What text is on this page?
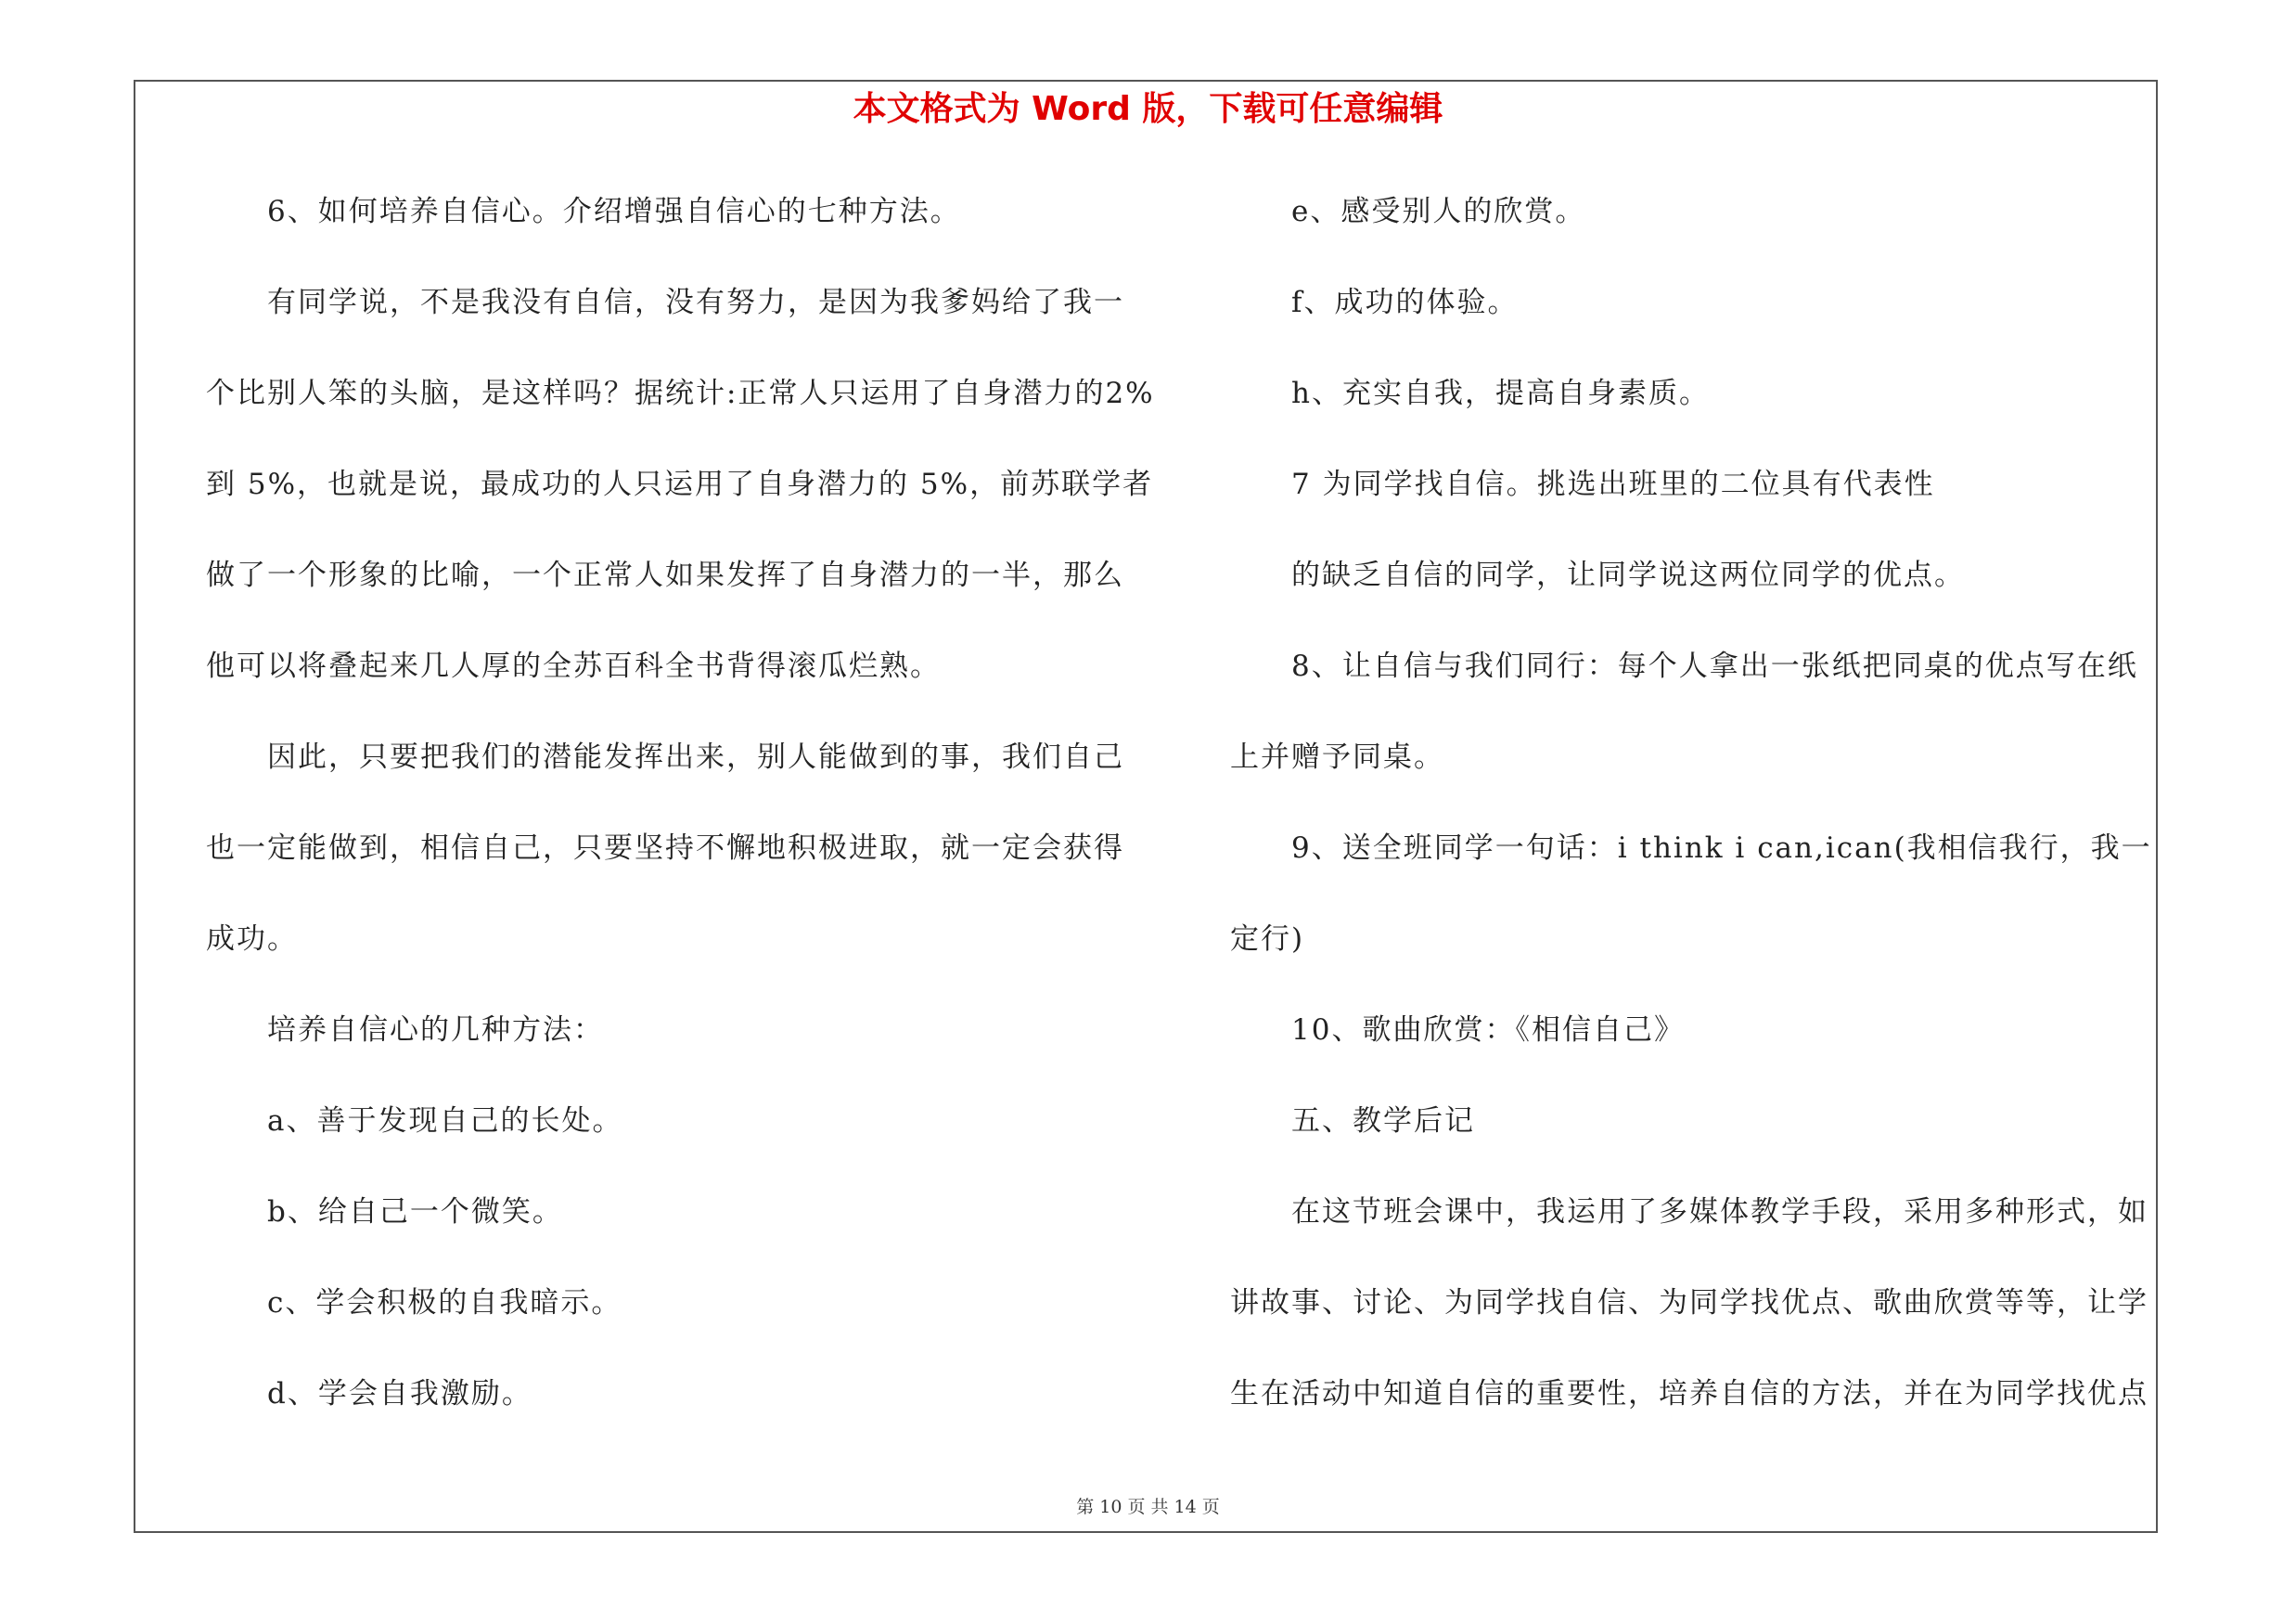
本文格式为 Word 版，下载可任意编辑
6、如何培养自信心。介绍增强自信心的七种方法。
有同学说，不是我没有自信，没有努力，是因为我爹妈给了我一
个比别人笨的头脑，是这样吗？据统计:正常人只运用了自身潜力的2%
到 5%，也就是说，最成功的人只运用了自身潜力的 5%，前苏联学者
做了一个形象的比喻，一个正常人如果发挥了自身潜力的一半，那么
他可以将叠起来几人厚的全苏百科全书背得滚瓜烂熟。
因此，只要把我们的潜能发挥出来，别人能做到的事，我们自己
也一定能做到，相信自己，只要坚持不懈地积极进取，就一定会获得
成功。
培养自信心的几种方法：
a、善于发现自己的长处。
b、给自己一个微笑。
c、学会积极的自我暗示。
d、学会自我激励。
e、感受别人的欣赏。
f、成功的体验。
h、充实自我，提高自身素质。
7 为同学找自信。挑选出班里的二位具有代表性
的缺乏自信的同学，让同学说这两位同学的优点。
8、让自信与我们同行：每个人拿出一张纸把同桌的优点写在纸
上并赠予同桌。
9、送全班同学一句话：i think i can,ican(我相信我行，我一
定行)
10、歌曲欣赏：《相信自己》
五、教学后记
在这节班会课中，我运用了多媒体教学手段，采用多种形式，如
讲故事、讨论、为同学找自信、为同学找优点、歌曲欣赏等等，让学
生在活动中知道自信的重要性，培养自信的方法，并在为同学找优点
第 10 页 共 14 页
